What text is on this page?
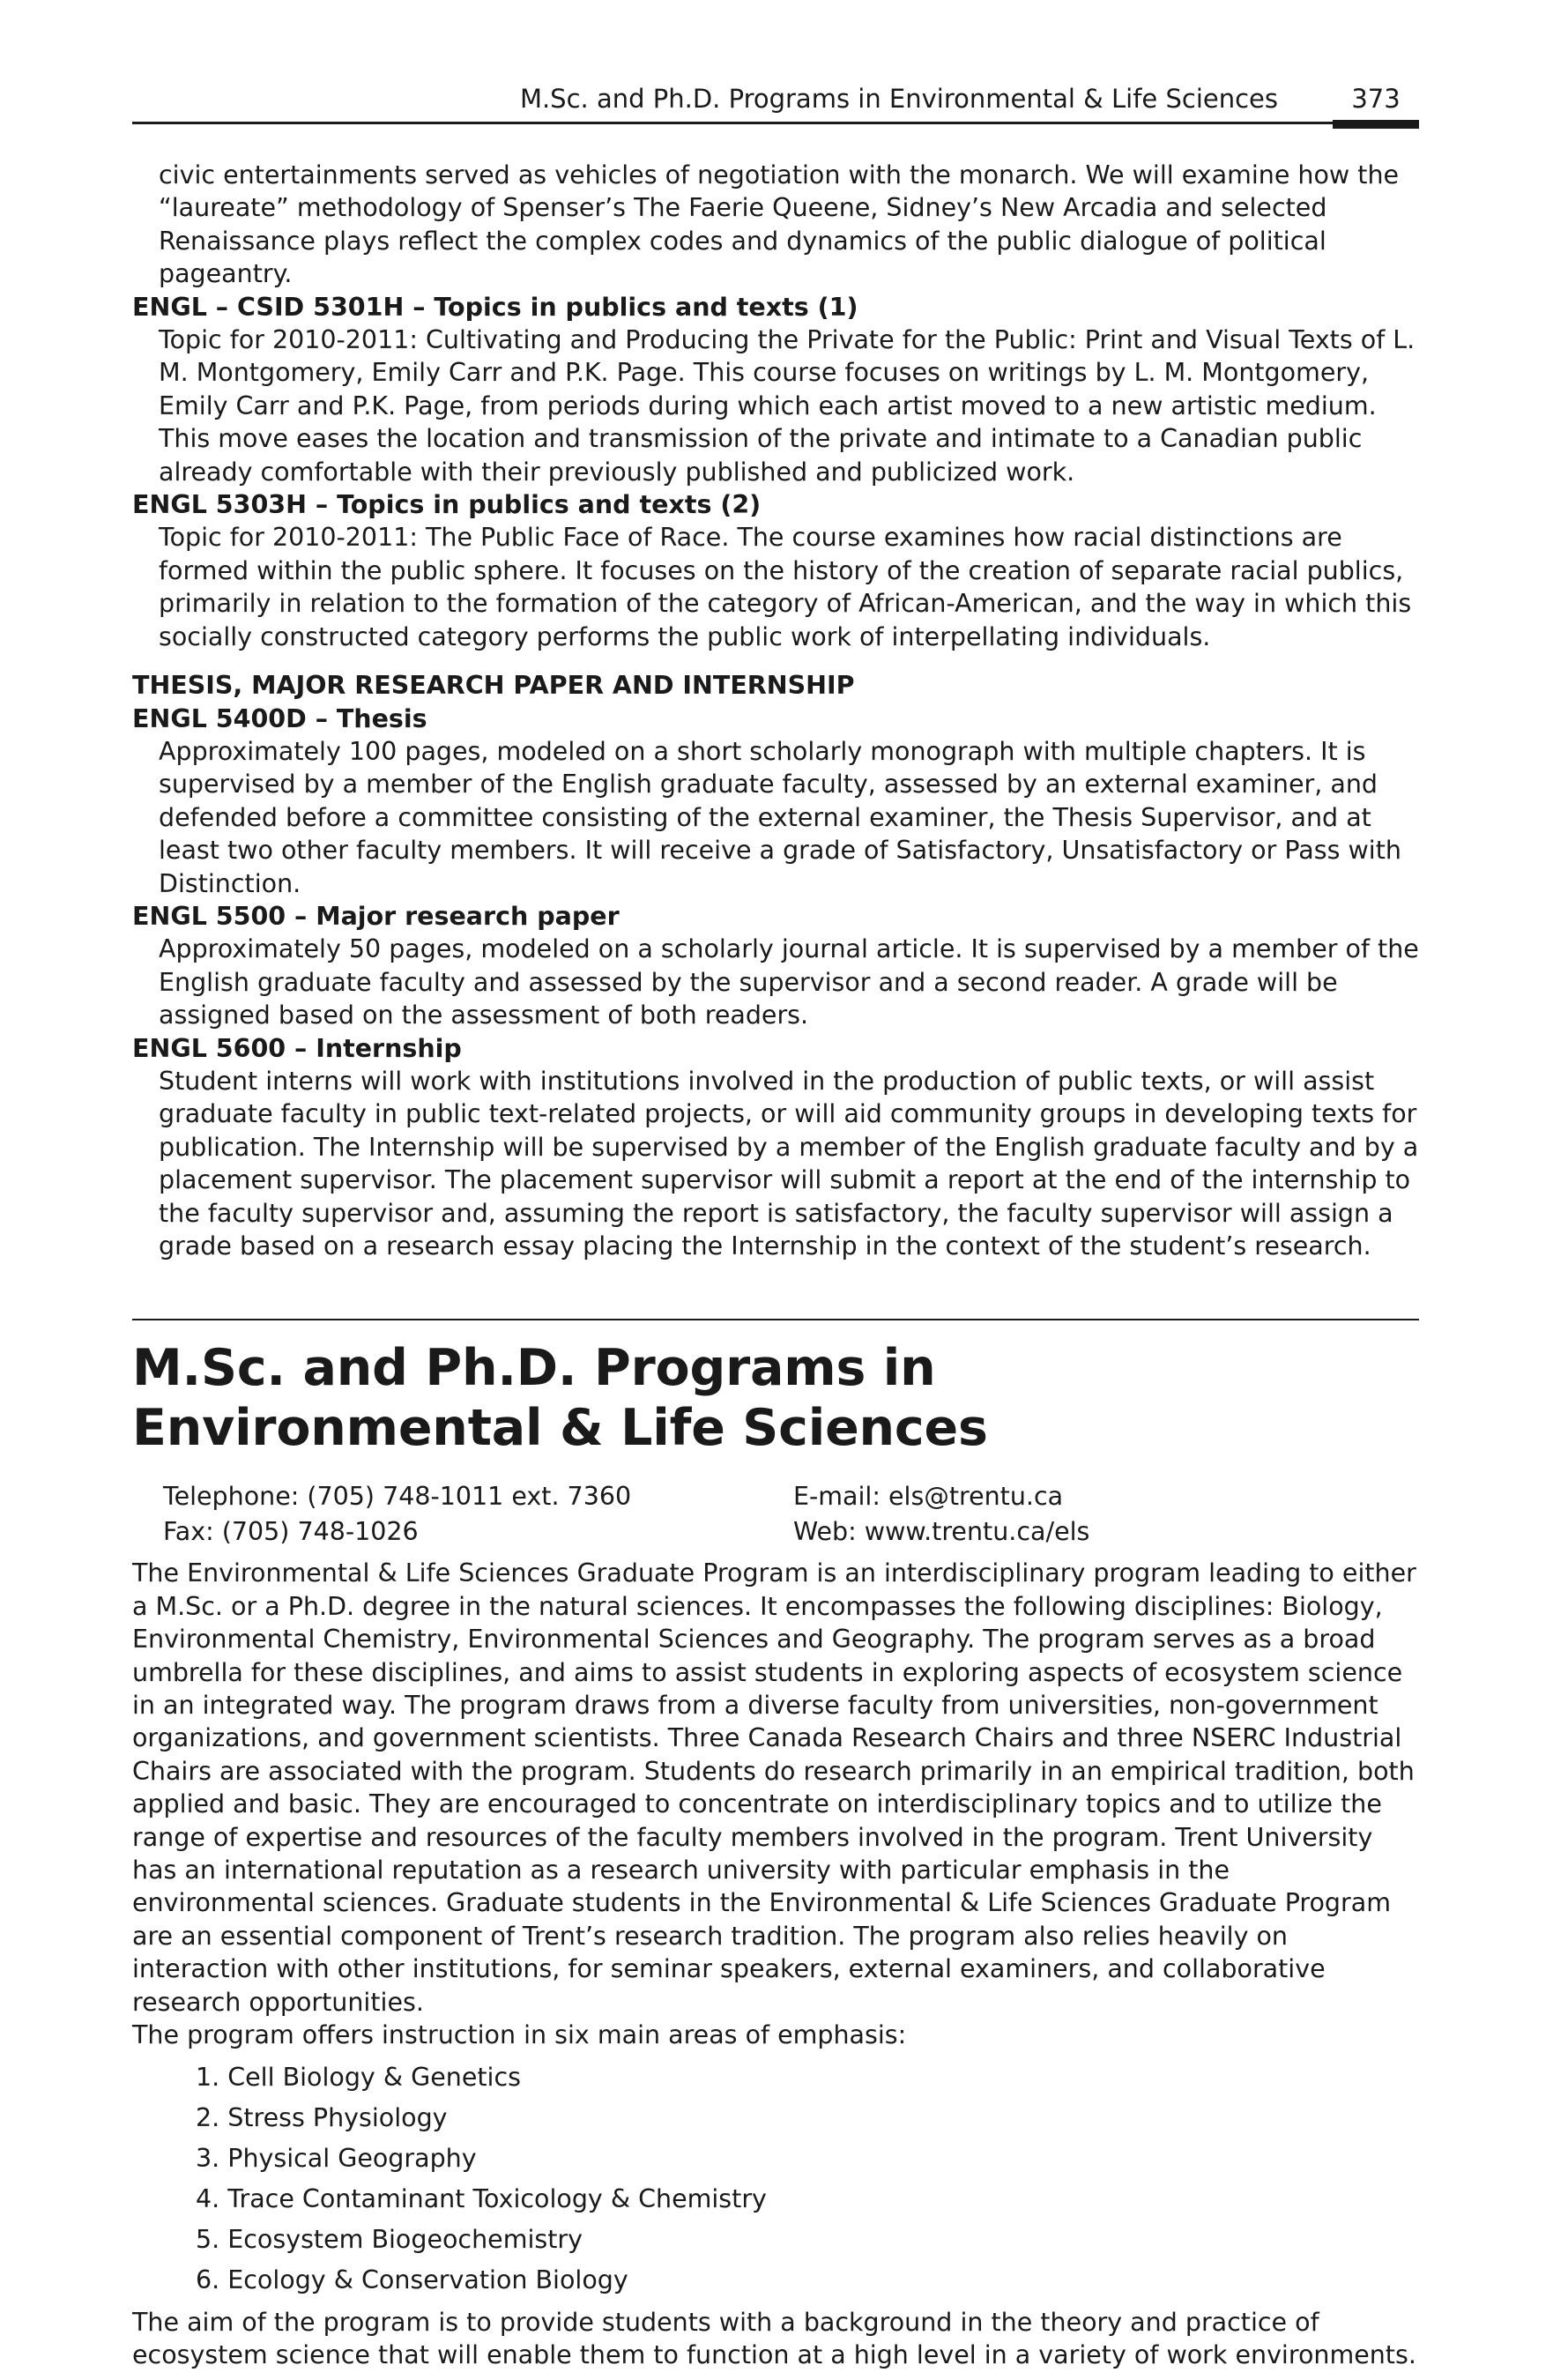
M.Sc. and Ph.D. Programs in Environmental & Life Sciences	373

civic entertainments served as vehicles of negotiation with the monarch. We will examine how the “laureate” methodology of Spenser’s The Faerie Queene, Sidney’s New Arcadia and selected Renaissance plays reflect the complex codes and dynamics of the public dialogue of political pageantry.

ENGL – CSID 5301H – Topics in publics and texts (1)

Topic for 2010-2011: Cultivating and Producing the Private for the Public: Print and Visual Texts of L. M. Montgomery, Emily Carr and P.K. Page. This course focuses on writings by L. M. Montgomery, Emily Carr and P.K. Page, from periods during which each artist moved to a new artistic medium. This move eases the location and transmission of the private and intimate to a Canadian public already comfortable with their previously published and publicized work.

ENGL 5303H – Topics in publics and texts (2)

Topic for 2010-2011: The Public Face of Race. The course examines how racial distinctions are formed within the public sphere. It focuses on the history of the creation of separate racial publics, primarily in relation to the formation of the category of African-American, and the way in which this socially constructed category performs the public work of interpellating individuals.

THESIS, MAJOR RESEARCH PAPER AND INTERNSHIP

ENGL 5400D – Thesis

Approximately 100 pages, modeled on a short scholarly monograph with multiple chapters. It is supervised by a member of the English graduate faculty, assessed by an external examiner, and defended before a committee consisting of the external examiner, the Thesis Supervisor, and at least two other faculty members. It will receive a grade of Satisfactory, Unsatisfactory or Pass with Distinction.

ENGL 5500 – Major research paper

Approximately 50 pages, modeled on a scholarly journal article. It is supervised by a member of the English graduate faculty and assessed by the supervisor and a second reader. A grade will be assigned based on the assessment of both readers.

ENGL 5600 – Internship

Student interns will work with institutions involved in the production of public texts, or will assist graduate faculty in public text-related projects, or will aid community groups in developing texts for publication. The Internship will be supervised by a member of the English graduate faculty and by a placement supervisor. The placement supervisor will submit a report at the end of the internship to the faculty supervisor and, assuming the report is satisfactory, the faculty supervisor will assign a grade based on a research essay placing the Internship in the context of the student’s research.

M.Sc. and Ph.D. Programs in
Environmental & Life Sciences
Telephone: (705) 748-1011 ext. 7360
Fax: (705) 748-1026
E-mail: els@trentu.ca
Web: www.trentu.ca/els

The Environmental & Life Sciences Graduate Program is an interdisciplinary program leading to either a M.Sc. or a Ph.D. degree in the natural sciences. It encompasses the following disciplines: Biology, Environmental Chemistry, Environmental Sciences and Geography. The program serves as a broad umbrella for these disciplines, and aims to assist students in exploring aspects of ecosystem science in an integrated way. The program draws from a diverse faculty from universities, non-government organizations, and government scientists. Three Canada Research Chairs and three NSERC Industrial Chairs are associated with the program. Students do research primarily in an empirical tradition, both applied and basic. They are encouraged to concentrate on interdisciplinary topics and to utilize the range of expertise and resources of the faculty members involved in the program. Trent University has an international reputation as a research university with particular emphasis in the environmental sciences. Graduate students in the Environmental & Life Sciences Graduate Program are an essential component of Trent’s research tradition. The program also relies heavily on interaction with other institutions, for seminar speakers, external examiners, and collaborative research opportunities.

The program offers instruction in six main areas of emphasis:

1. Cell Biology & Genetics
2. Stress Physiology
3. Physical Geography
4. Trace Contaminant Toxicology & Chemistry
5. Ecosystem Biogeochemistry
6. Ecology & Conservation Biology

The aim of the program is to provide students with a background in the theory and practice of ecosystem science that will enable them to function at a high level in a variety of work environments.
